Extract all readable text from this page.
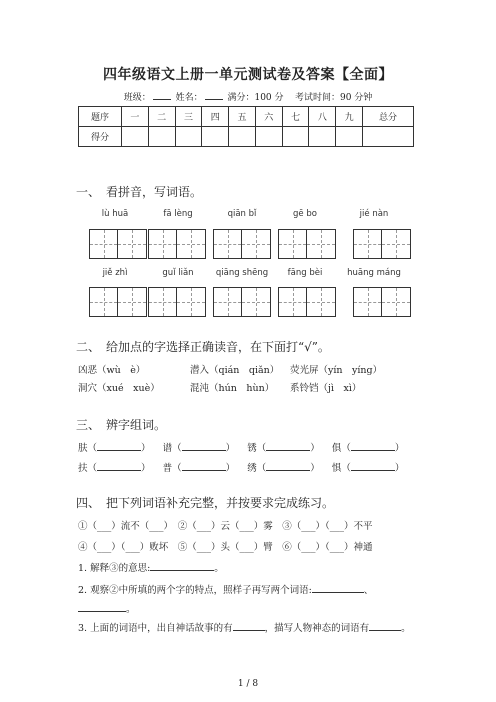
四年级语文上册一单元测试卷及答案【全面】
班级：	姓名：	满分：100 分 考试时间：90 分钟
题序	一	二	三	四	五	六	七	八	九	总分
得分										
一、　看拼音，写词语。
lù huā	fā lèng	qiān bǐ	gē bo	jié nàn
jiě zhì	guǐ liǎn	qiāng shēng	fāng bèi	huāng máng
二、　给加点的字选择正确读音，在下面打“√”。
凶恶（wù　è）	潜入（qián　qiǎn） 荧光屏（yín　yíng）
洞穴（xué　xuè）	混沌（hún　hùn） 系铃铛（jì　xì）
三、　辨字组词。
肤（	） 谱（	） 锈（	） 俱（	）
扶（	） 普（	） 绣（	） 惧（	）
四、　把下列词语补充完整，并按要求完成练习。
①（___）流不（___）　②（___）云（___）雾　③（___）（___）不平
④（___）（___）败坏　⑤（___）头（___）臂　⑥（___）（___）神通
1. 解释③的意思:	。
2. 观察②中所填的两个字的特点，照样子再写两个词语:	、
。
3. 上面的词语中，出自神话故事的有	，描写人物神态的词语有	。
1 / 8
